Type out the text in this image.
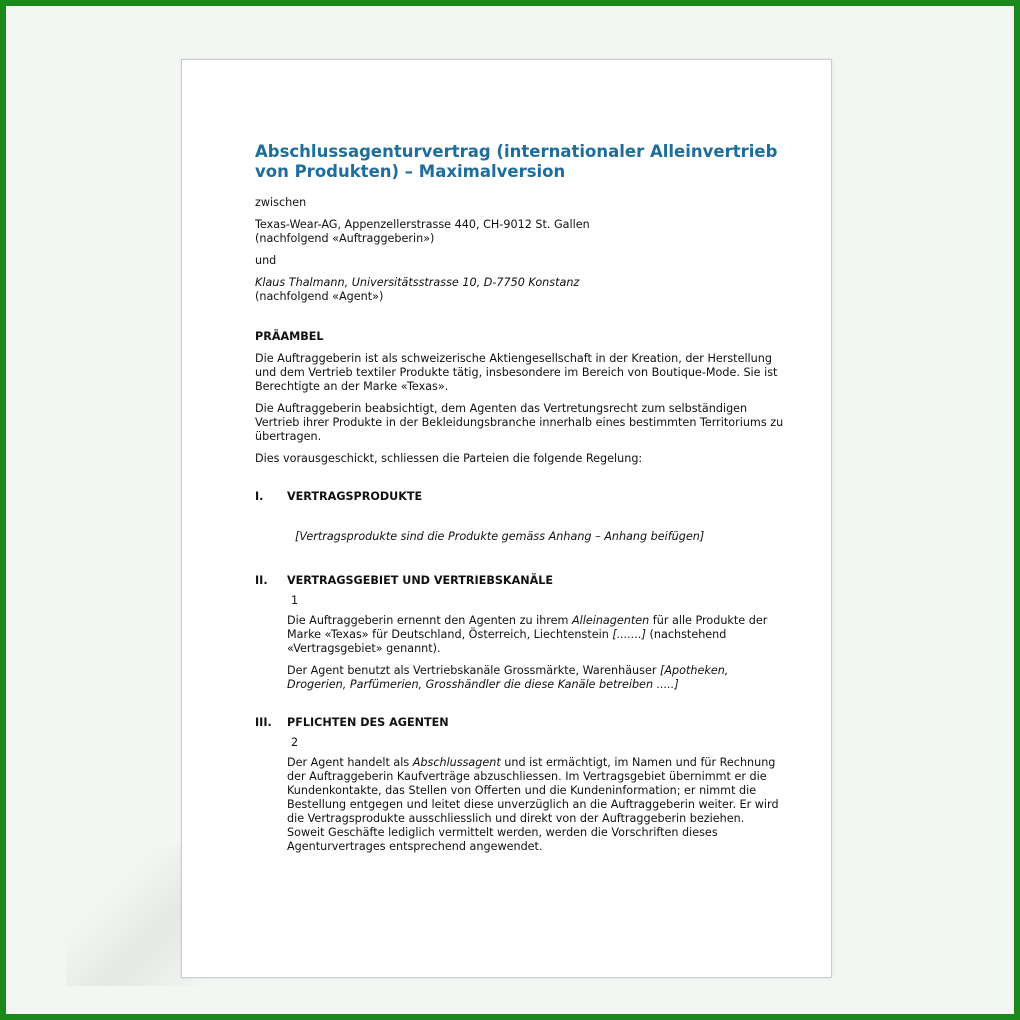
Abschlussagenturvertrag (internationaler Alleinvertrieb von Produkten) – Maximalversion

zwischen

Texas-Wear-AG, Appenzellerstrasse 440, CH-9012 St. Gallen
(nachfolgend «Auftraggeberin»)

und

Klaus Thalmann, Universitätsstrasse 10, D-7750 Konstanz
(nachfolgend «Agent»)

PRÄAMBEL

Die Auftraggeberin ist als schweizerische Aktiengesellschaft in der Kreation, der Herstellung und dem Vertrieb textiler Produkte tätig, insbesondere im Bereich von Boutique-Mode. Sie ist Berechtigte an der Marke «Texas».

Die Auftraggeberin beabsichtigt, dem Agenten das Vertretungsrecht zum selbständigen Vertrieb ihrer Produkte in der Bekleidungsbranche innerhalb eines bestimmten Territoriums zu übertragen.

Dies vorausgeschickt, schliessen die Parteien die folgende Regelung:

I.	VERTRAGSPRODUKTE

[Vertragsprodukte sind die Produkte gemäss Anhang – Anhang beifügen]

II.	VERTRAGSGEBIET UND VERTRIEBSKANÄLE
1

Die Auftraggeberin ernennt den Agenten zu ihrem Alleinagenten für alle Produkte der Marke «Texas» für Deutschland, Österreich, Liechtenstein [.......] (nachstehend «Vertragsgebiet» genannt).

Der Agent benutzt als Vertriebskanäle Grossmärkte, Warenhäuser [Apotheken, Drogerien, Parfümerien, Grosshändler die diese Kanäle betreiben .....]

III.	PFLICHTEN DES AGENTEN
2

Der Agent handelt als Abschlussagent und ist ermächtigt, im Namen und für Rechnung der Auftraggeberin Kaufverträge abzuschliessen. Im Vertragsgebiet übernimmt er die Kundenkontakte, das Stellen von Offerten und die Kundeninformation; er nimmt die Bestellung entgegen und leitet diese unverzüglich an die Auftraggeberin weiter. Er wird die Vertragsprodukte ausschliesslich und direkt von der Auftraggeberin beziehen. Soweit Geschäfte lediglich vermittelt werden, werden die Vorschriften dieses Agenturvertrages entsprechend angewendet.
